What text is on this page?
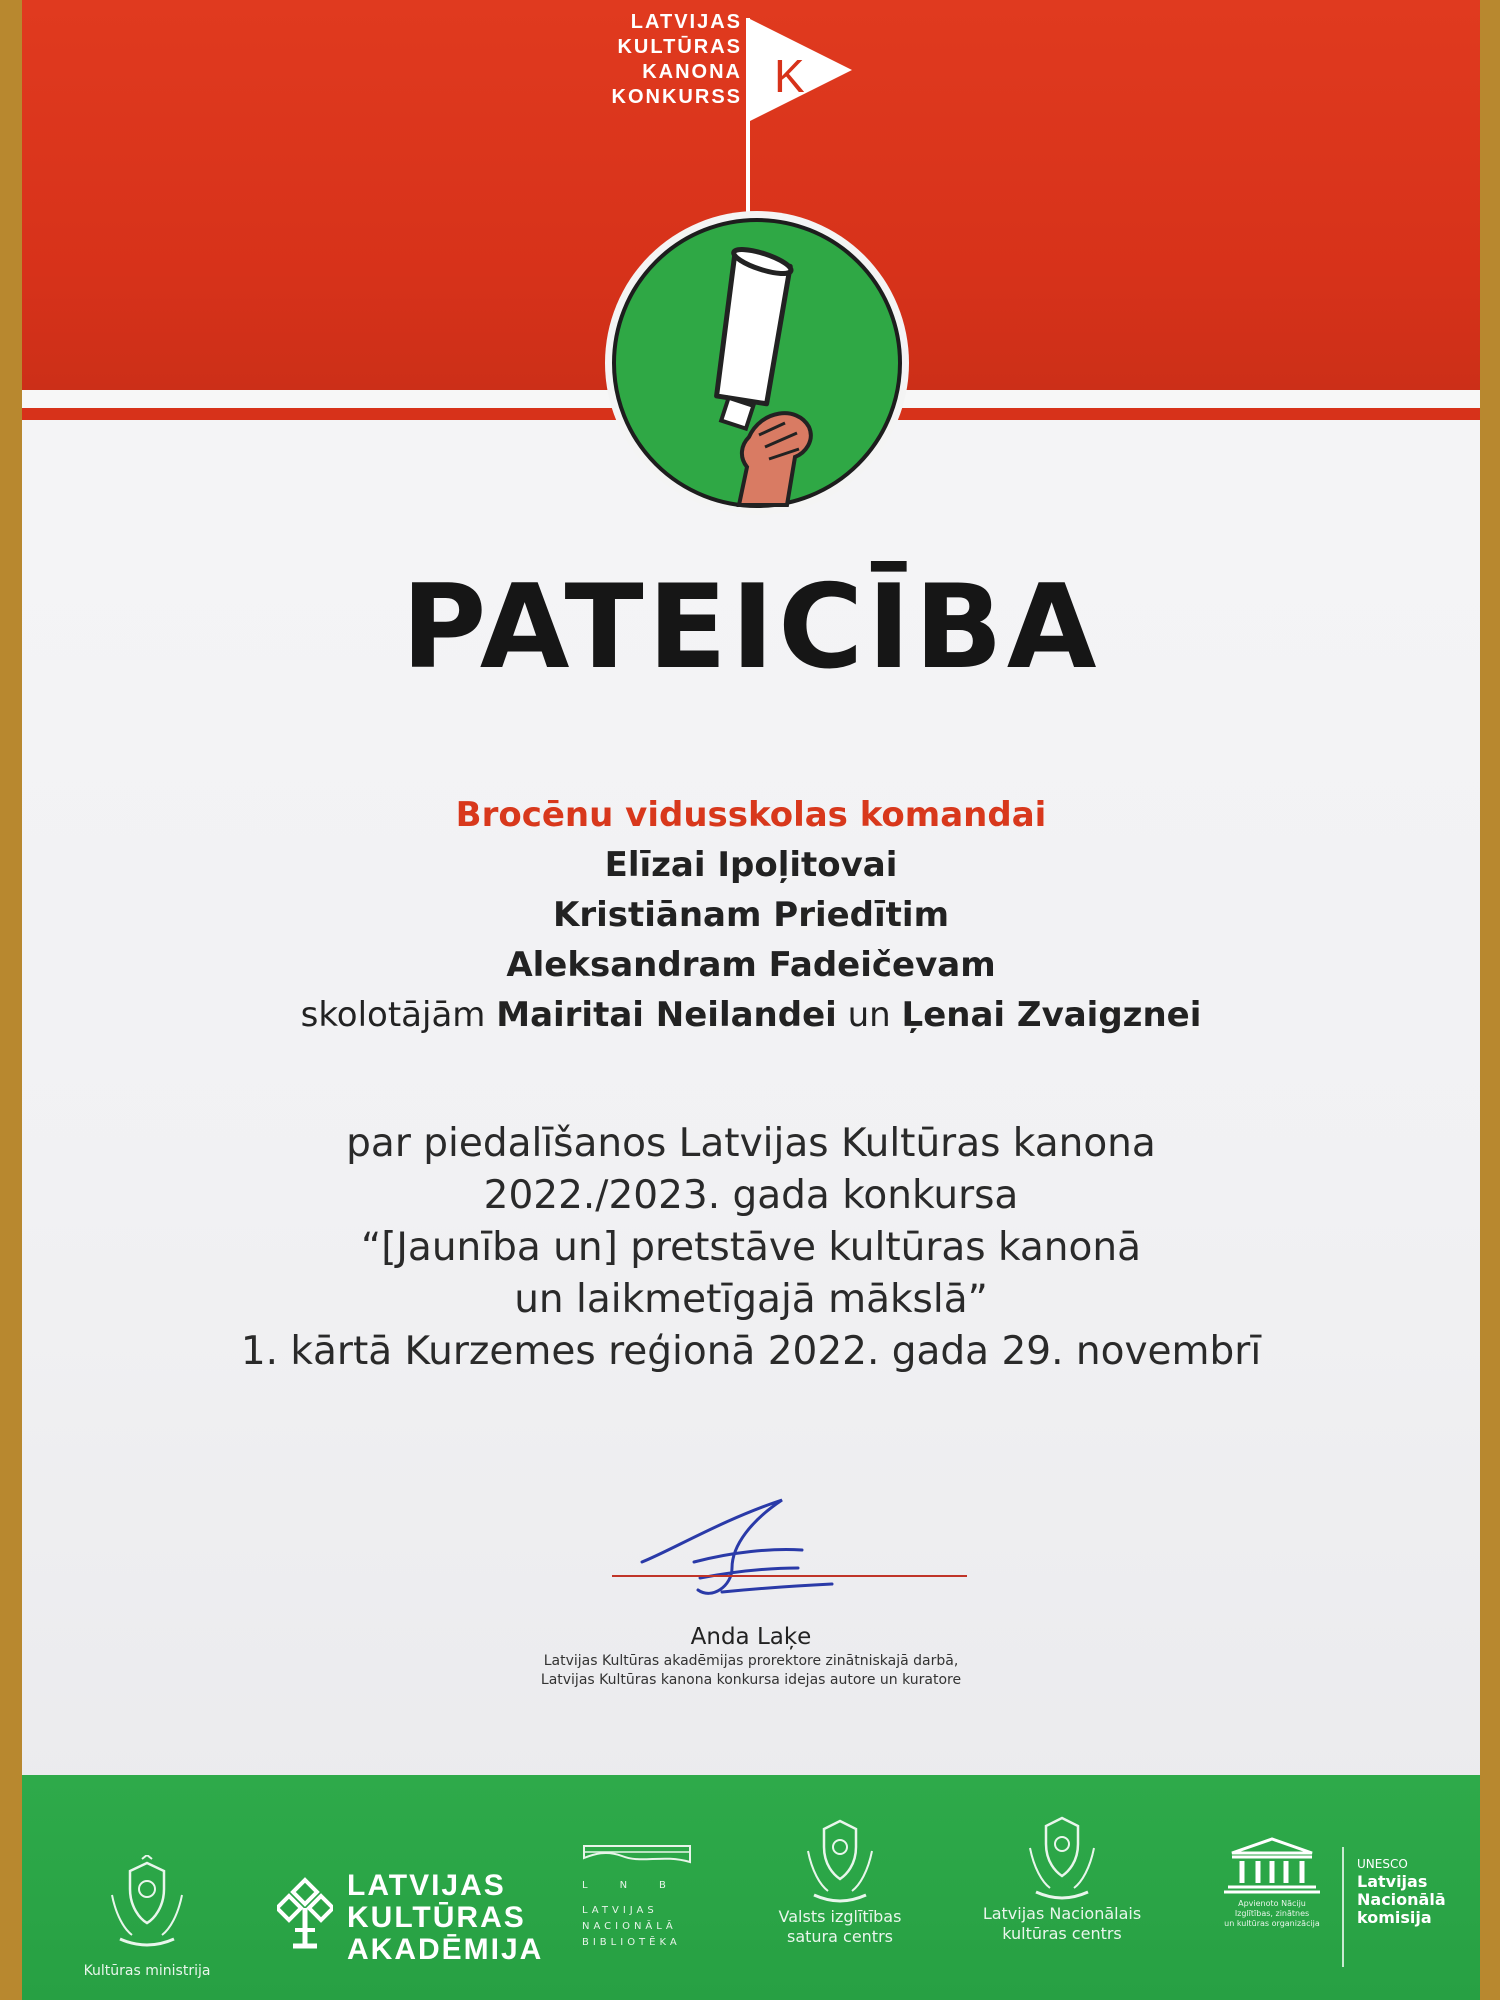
LATVIJAS
KULTŪRAS
KANONA
KONKURSS K
PATEICĪBA
Brocēnu vidusskolas komandai
Elīzai Ipoļitovai
Kristiānam Priedītim
Aleksandram Fadeičevam
skolotājām Mairitai Neilandei un Ļenai Zvaigznei
par piedalīšanos Latvijas Kultūras kanona
2022./2023. gada konkursa
“[Jaunība un] pretstāve kultūras kanonā
un laikmetīgajā mākslā”
1. kārtā Kurzemes reģionā 2022. gada 29. novembrī
Anda Laķe
Latvijas Kultūras akadēmijas prorektore zinātniskajā darbā,
Latvijas Kultūras kanona konkursa idejas autore un kuratore
Kultūras ministrija
LATVIJAS
KULTŪRAS
AKADĒMIJA
LNB
LATVIJAS
NACIONĀLĀ
BIBLIOTĒKA
Valsts izglītības
satura centrs
Latvijas Nacionālais
kultūras centrs
Apvienoto Nāciju
Izglītības, zinātnes
un kultūras organizācija
UNESCO
Latvijas
Nacionālā komisija
